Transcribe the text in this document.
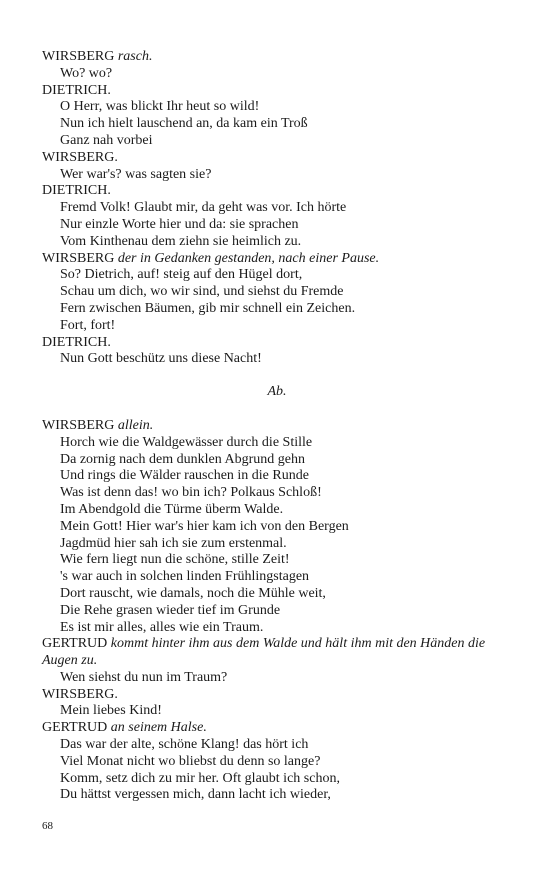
WIRSBERG rasch.
Wo? wo?
DIETRICH.
O Herr, was blickt Ihr heut so wild!
Nun ich hielt lauschend an, da kam ein Troß
Ganz nah vorbei
WIRSBERG.
Wer war's? was sagten sie?
DIETRICH.
Fremd Volk! Glaubt mir, da geht was vor. Ich hörte
Nur einzle Worte hier und da: sie sprachen
Vom Kinthenau dem ziehn sie heimlich zu.
WIRSBERG der in Gedanken gestanden, nach einer Pause.
So? Dietrich, auf! steig auf den Hügel dort,
Schau um dich, wo wir sind, und siehst du Fremde
Fern zwischen Bäumen, gib mir schnell ein Zeichen.
Fort, fort!
DIETRICH.
Nun Gott beschütz uns diese Nacht!
Ab.
WIRSBERG allein.
Horch wie die Waldgewässer durch die Stille
Da zornig nach dem dunklen Abgrund gehn
Und rings die Wälder rauschen in die Runde
Was ist denn das! wo bin ich? Polkaus Schloß!
Im Abendgold die Türme überm Walde.
Mein Gott! Hier war's hier kam ich von den Bergen
Jagdmüd hier sah ich sie zum erstenmal.
Wie fern liegt nun die schöne, stille Zeit!
's war auch in solchen linden Frühlingstagen
Dort rauscht, wie damals, noch die Mühle weit,
Die Rehe grasen wieder tief im Grunde
Es ist mir alles, alles wie ein Traum.
GERTRUD kommt hinter ihm aus dem Walde und hält ihm mit den Händen die Augen zu.
Wen siehst du nun im Traum?
WIRSBERG.
Mein liebes Kind!
GERTRUD an seinem Halse.
Das war der alte, schöne Klang! das hört ich
Viel Monat nicht wo bliebst du denn so lange?
Komm, setz dich zu mir her. Oft glaubt ich schon,
Du hättst vergessen mich, dann lacht ich wieder,
68
